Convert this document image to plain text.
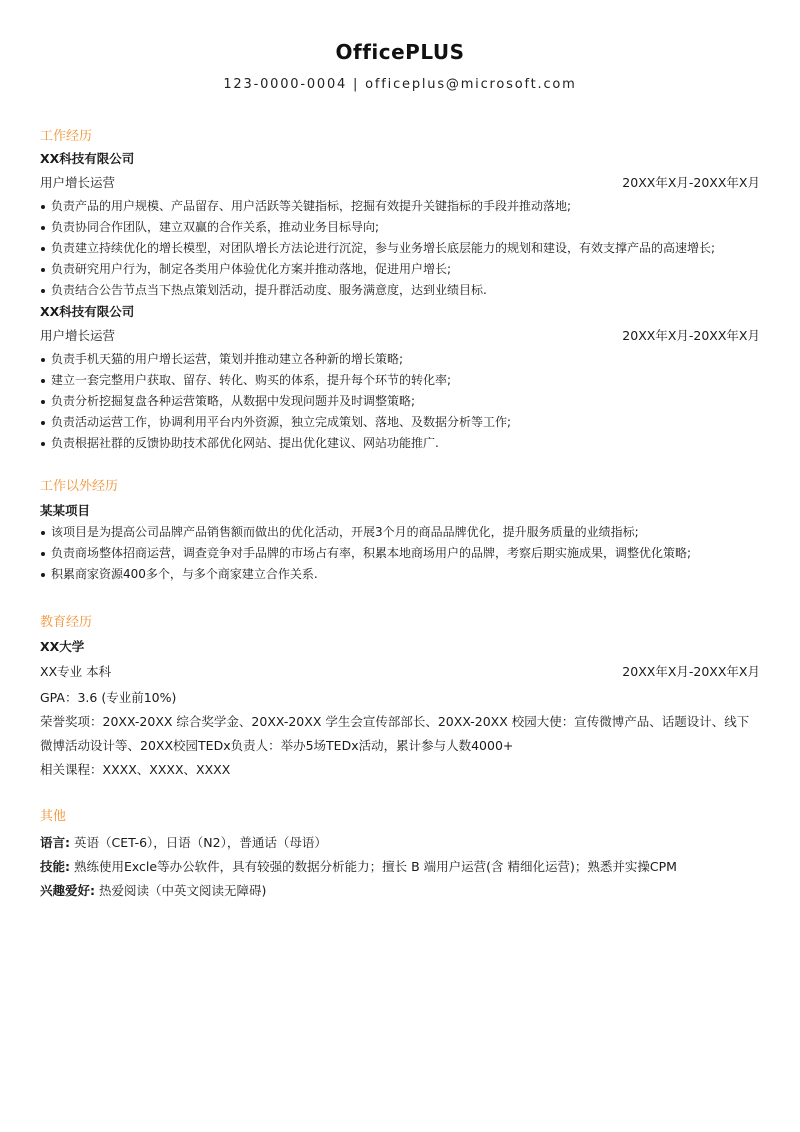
OfficePLUS
123-0000-0004 | officeplus@microsoft.com
工作经历
XX科技有限公司
用户增长运营	20XX年X月-20XX年X月
负责产品的用户规模、产品留存、用户活跃等关键指标，挖掘有效提升关键指标的手段并推动落地;
负责协同合作团队，建立双赢的合作关系，推动业务目标导向;
负责建立持续优化的增长模型，对团队增长方法论进行沉淀，参与业务增长底层能力的规划和建设，有效支撑产品的高速增长;
负责研究用户行为，制定各类用户体验优化方案并推动落地，促进用户增长;
负责结合公告节点当下热点策划活动，提升群活动度、服务满意度，达到业绩目标.
XX科技有限公司
用户增长运营	20XX年X月-20XX年X月
负责手机天猫的用户增长运营，策划并推动建立各种新的增长策略;
建立一套完整用户获取、留存、转化、购买的体系，提升每个环节的转化率;
负责分析挖掘复盘各种运营策略，从数据中发现问题并及时调整策略;
负责活动运营工作，协调利用平台内外资源，独立完成策划、落地、及数据分析等工作;
负责根据社群的反馈协助技术部优化网站、提出优化建议、网站功能推广.
工作以外经历
某某项目
该项目是为提高公司品牌产品销售额而做出的优化活动，开展3个月的商品品牌优化，提升服务质量的业绩指标;
负责商场整体招商运营，调查竞争对手品牌的市场占有率，积累本地商场用户的品牌，考察后期实施成果，调整优化策略;
积累商家资源400多个，与多个商家建立合作关系.
教育经历
XX大学
XX专业 本科	20XX年X月-20XX年X月
GPA：3.6 (专业前10%)
荣誉奖项：20XX-20XX 综合奖学金、20XX-20XX 学生会宣传部部长、20XX-20XX 校园大使：宣传微博产品、话题设计、线下微博活动设计等、20XX校园TEDx负责人：举办5场TEDx活动，累计参与人数4000+
相关课程：XXXX、XXXX、XXXX
其他
语言: 英语（CET-6），日语（N2），普通话（母语）
技能: 熟练使用Excle等办公软件，具有较强的数据分析能力；擅长 B 端用户运营(含 精细化运营)；熟悉并实操CPM
兴趣爱好: 热爱阅读（中英文阅读无障碍)
